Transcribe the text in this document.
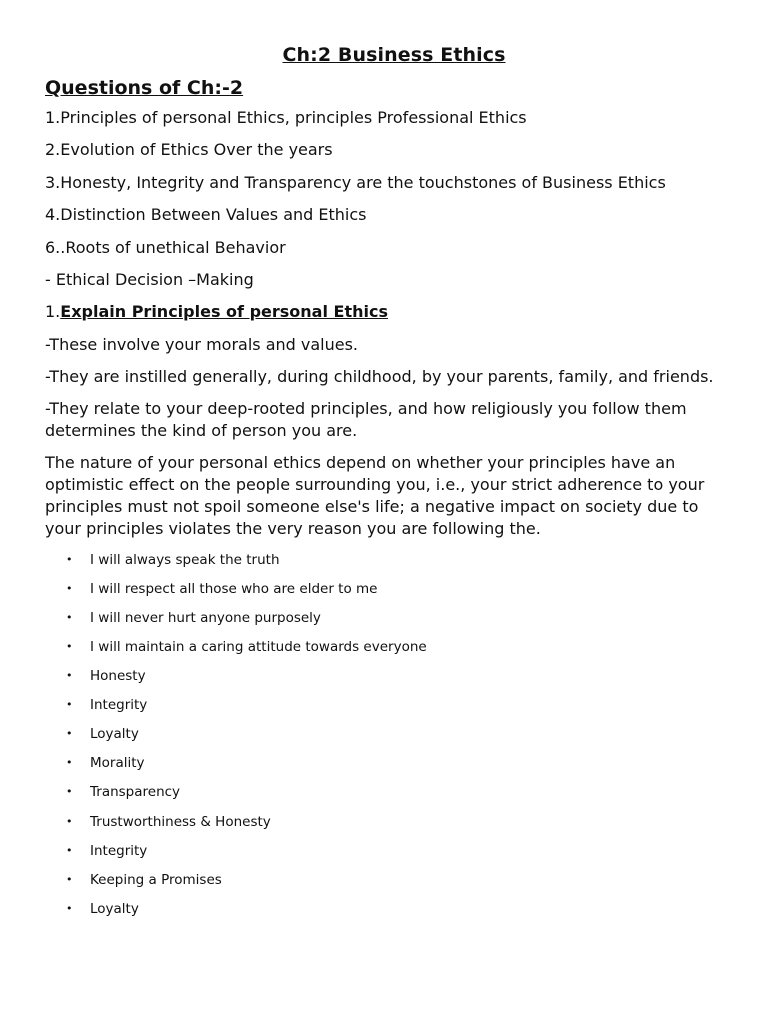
Ch:2 Business Ethics
Questions of Ch:-2
1.Principles of personal Ethics, principles Professional Ethics
2.Evolution of Ethics Over the years
3.Honesty, Integrity and Transparency are the touchstones of Business Ethics
4.Distinction Between Values and Ethics
6..Roots of unethical Behavior
- Ethical Decision –Making
1.Explain Principles of personal Ethics
-These involve your morals and values.
-They are instilled generally, during childhood, by your parents, family, and friends.
-They relate to your deep-rooted principles, and how religiously you follow them determines the kind of person you are.
The nature of your personal ethics depend on whether your principles have an optimistic effect on the people surrounding you, i.e., your strict adherence to your principles must not spoil someone else's life; a negative impact on society due to your principles violates the very reason you are following the.
• I will always speak the truth
• I will respect all those who are elder to me
• I will never hurt anyone purposely
• I will maintain a caring attitude towards everyone
• Honesty
• Integrity
• Loyalty
• Morality
• Transparency
• Trustworthiness & Honesty
• Integrity
• Keeping a Promises
• Loyalty
